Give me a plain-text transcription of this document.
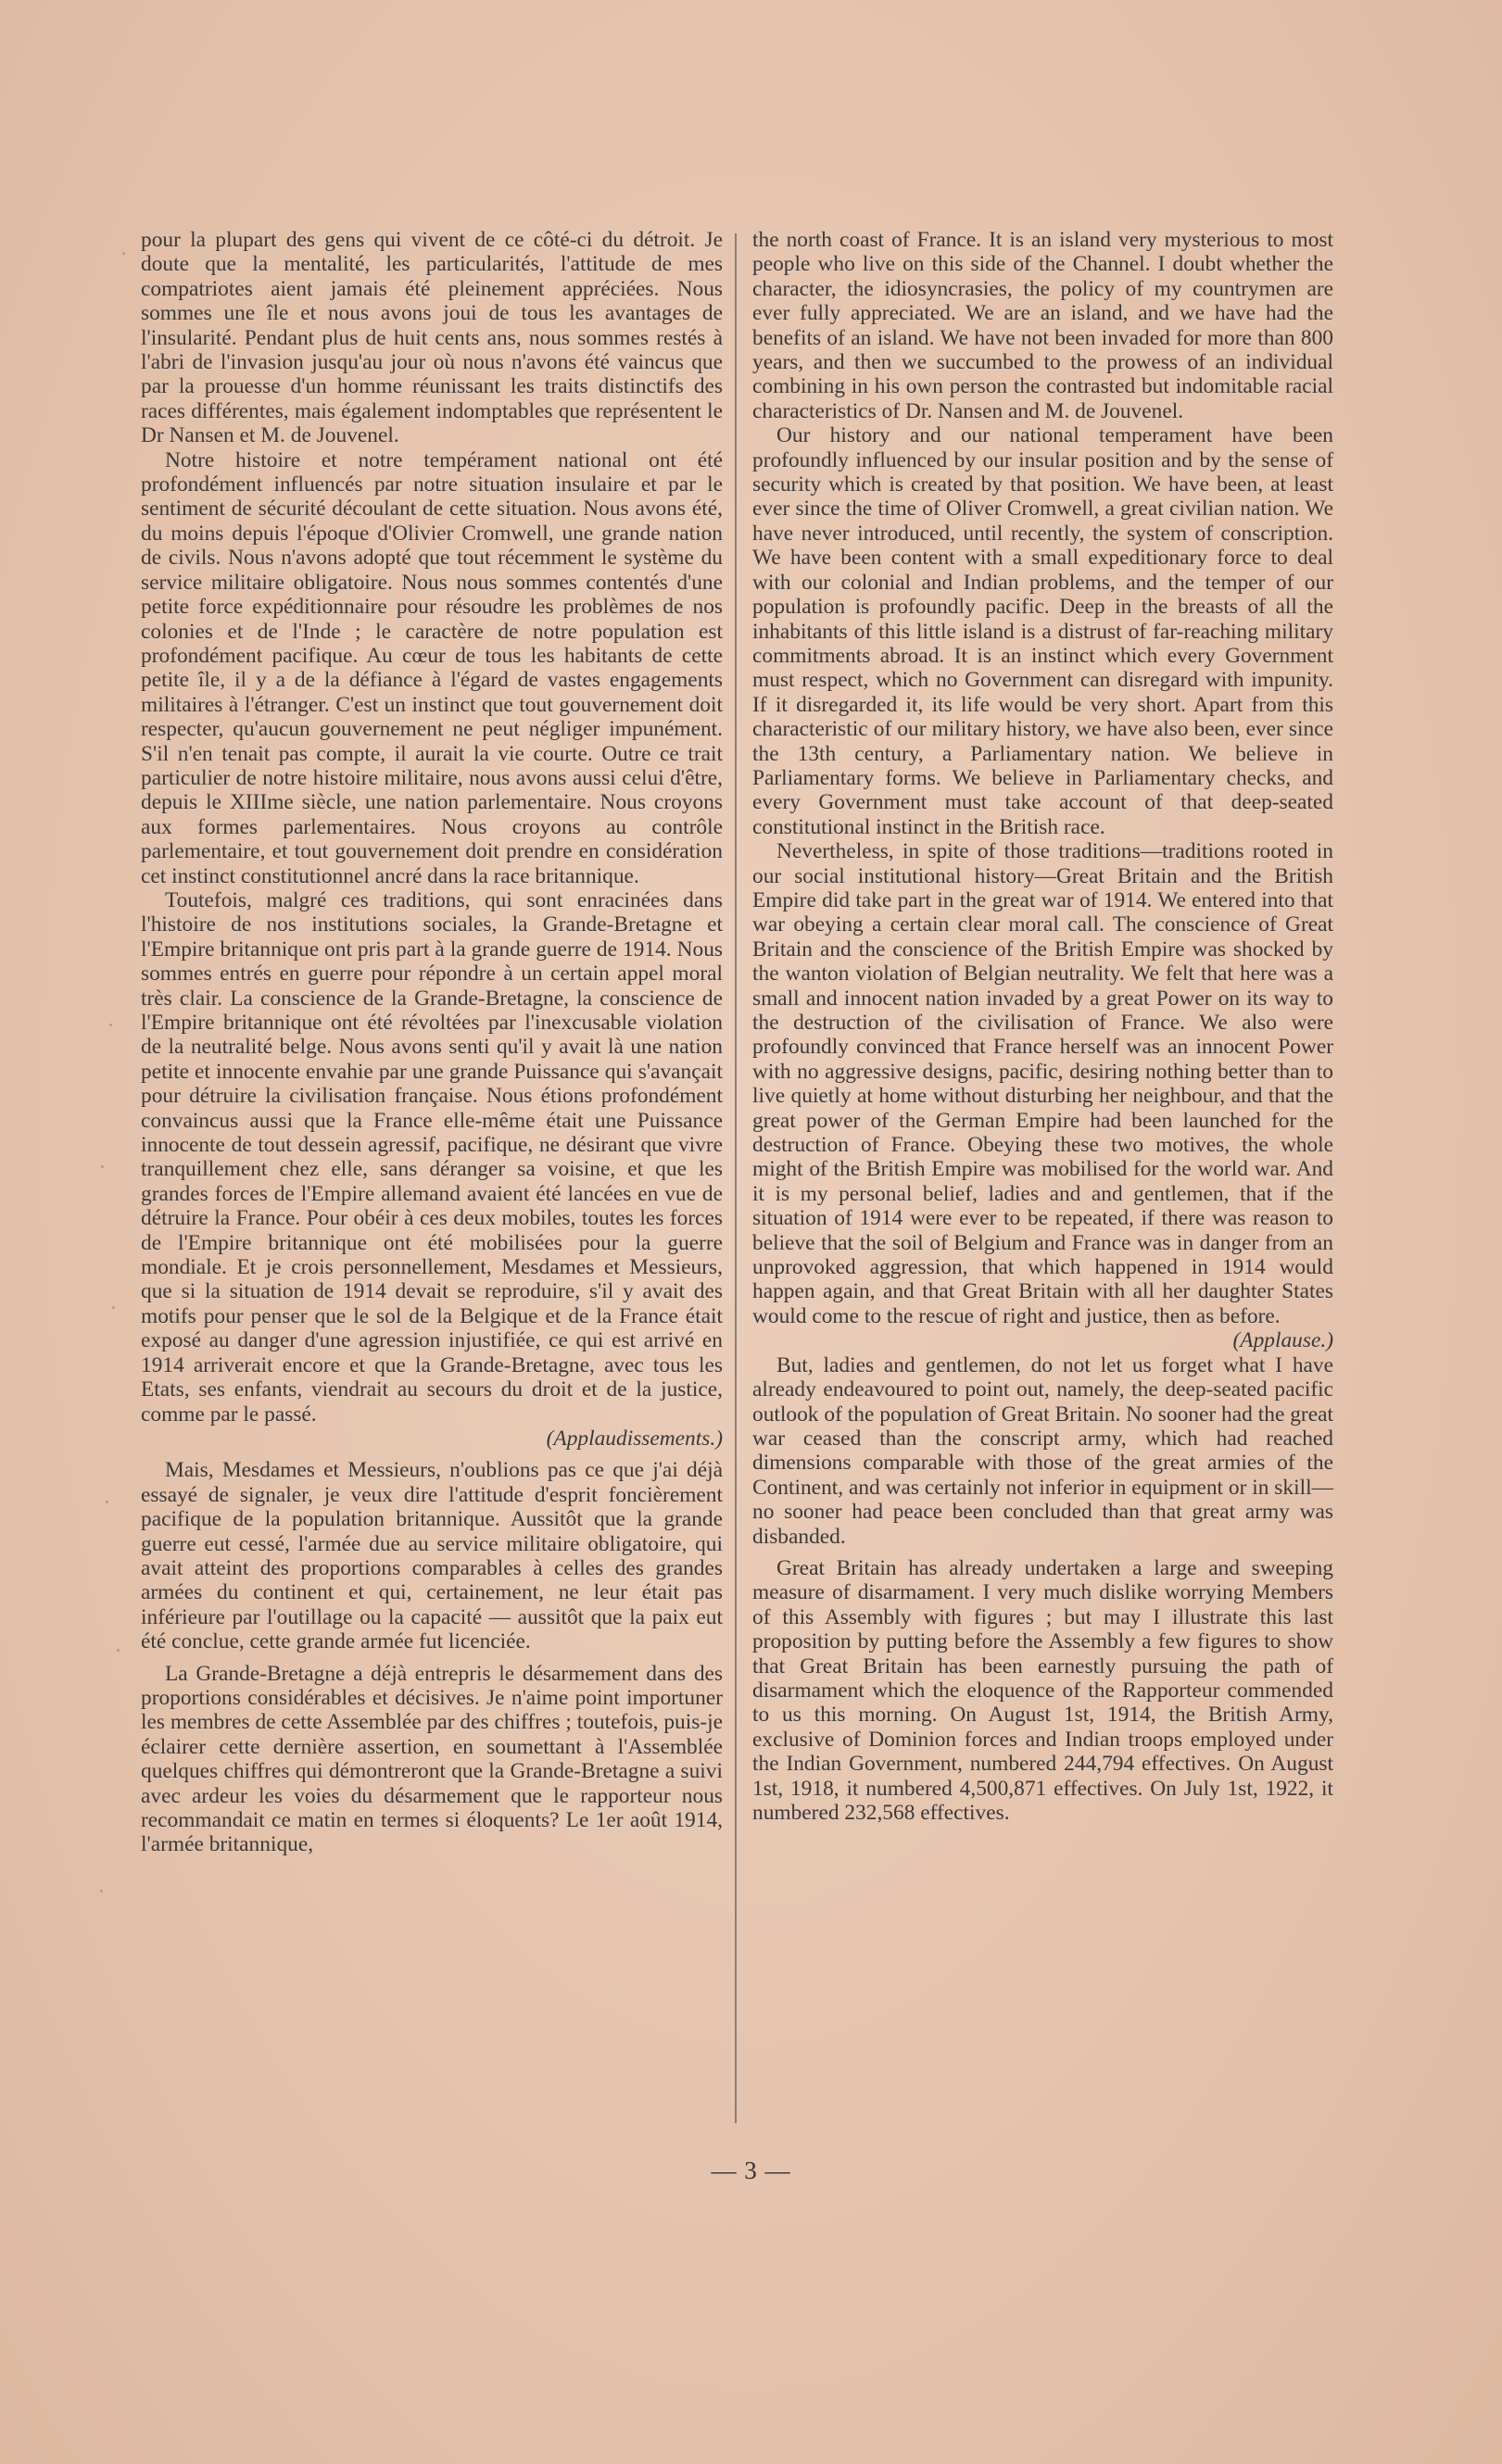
pour la plupart des gens qui vivent de ce côté-ci du détroit. Je doute que la mentalité, les particularités, l'attitude de mes compatriotes aient jamais été pleinement appréciées. Nous sommes une île et nous avons joui de tous les avantages de l'insularité. Pendant plus de huit cents ans, nous sommes restés à l'abri de l'invasion jusqu'au jour où nous n'avons été vaincus que par la prouesse d'un homme réunissant les traits distinctifs des races différentes, mais également indomptables que représentent le Dr Nansen et M. de Jouvenel.

Notre histoire et notre tempérament national ont été profondément influencés par notre situation insulaire et par le sentiment de sécurité découlant de cette situation. Nous avons été, du moins depuis l'époque d'Olivier Cromwell, une grande nation de civils. Nous n'avons adopté que tout récemment le système du service militaire obligatoire. Nous nous sommes contentés d'une petite force expéditionnaire pour résoudre les problèmes de nos colonies et de l'Inde ; le caractère de notre population est profondément pacifique. Au cœur de tous les habitants de cette petite île, il y a de la défiance à l'égard de vastes engagements militaires à l'étranger. C'est un instinct que tout gouvernement doit respecter, qu'aucun gouvernement ne peut négliger impunément. S'il n'en tenait pas compte, il aurait la vie courte. Outre ce trait particulier de notre histoire militaire, nous avons aussi celui d'être, depuis le XIIIme siècle, une nation parlementaire. Nous croyons aux formes parlementaires. Nous croyons au contrôle parlementaire, et tout gouvernement doit prendre en considération cet instinct constitutionnel ancré dans la race britannique.

Toutefois, malgré ces traditions, qui sont enracinées dans l'histoire de nos institutions sociales, la Grande-Bretagne et l'Empire britannique ont pris part à la grande guerre de 1914. Nous sommes entrés en guerre pour répondre à un certain appel moral très clair. La conscience de la Grande-Bretagne, la conscience de l'Empire britannique ont été révoltées par l'inexcusable violation de la neutralité belge. Nous avons senti qu'il y avait là une nation petite et innocente envahie par une grande Puissance qui s'avançait pour détruire la civilisation française. Nous étions profondément convaincus aussi que la France elle-même était une Puissance innocente de tout dessein agressif, pacifique, ne désirant que vivre tranquillement chez elle, sans déranger sa voisine, et que les grandes forces de l'Empire allemand avaient été lancées en vue de détruire la France. Pour obéir à ces deux mobiles, toutes les forces de l'Empire britannique ont été mobilisées pour la guerre mondiale. Et je crois personnellement, Mesdames et Messieurs, que si la situation de 1914 devait se reproduire, s'il y avait des motifs pour penser que le sol de la Belgique et de la France était exposé au danger d'une agression injustifiée, ce qui est arrivé en 1914 arriverait encore et que la Grande-Bretagne, avec tous les Etats, ses enfants, viendrait au secours du droit et de la justice, comme par le passé.

(Applaudissements.)

Mais, Mesdames et Messieurs, n'oublions pas ce que j'ai déjà essayé de signaler, je veux dire l'attitude d'esprit foncièrement pacifique de la population britannique. Aussitôt que la grande guerre eut cessé, l'armée due au service militaire obligatoire, qui avait atteint des proportions comparables à celles des grandes armées du continent et qui, certainement, ne leur était pas inférieure par l'outillage ou la capacité — aussitôt que la paix eut été conclue, cette grande armée fut licenciée.

La Grande-Bretagne a déjà entrepris le désarmement dans des proportions considérables et décisives. Je n'aime point importuner les membres de cette Assemblée par des chiffres ; toutefois, puis-je éclairer cette dernière assertion, en soumettant à l'Assemblée quelques chiffres qui démontreront que la Grande-Bretagne a suivi avec ardeur les voies du désarmement que le rapporteur nous recommandait ce matin en termes si éloquents? Le 1er août 1914, l'armée britannique,

the north coast of France. It is an island very mysterious to most people who live on this side of the Channel. I doubt whether the character, the idiosyncrasies, the policy of my countrymen are ever fully appreciated. We are an island, and we have had the benefits of an island. We have not been invaded for more than 800 years, and then we succumbed to the prowess of an individual combining in his own person the contrasted but indomitable racial characteristics of Dr. Nansen and M. de Jouvenel.

Our history and our national temperament have been profoundly influenced by our insular position and by the sense of security which is created by that position. We have been, at least ever since the time of Oliver Cromwell, a great civilian nation. We have never introduced, until recently, the system of conscription. We have been content with a small expeditionary force to deal with our colonial and Indian problems, and the temper of our population is profoundly pacific. Deep in the breasts of all the inhabitants of this little island is a distrust of far-reaching military commitments abroad. It is an instinct which every Government must respect, which no Government can disregard with impunity. If it disregarded it, its life would be very short. Apart from this characteristic of our military history, we have also been, ever since the 13th century, a Parliamentary nation. We believe in Parliamentary forms. We believe in Parliamentary checks, and every Government must take account of that deep-seated constitutional instinct in the British race.

Nevertheless, in spite of those traditions—traditions rooted in our social institutional history—Great Britain and the British Empire did take part in the great war of 1914. We entered into that war obeying a certain clear moral call. The conscience of Great Britain and the conscience of the British Empire was shocked by the wanton violation of Belgian neutrality. We felt that here was a small and innocent nation invaded by a great Power on its way to the destruction of the civilisation of France. We also were profoundly convinced that France herself was an innocent Power with no aggressive designs, pacific, desiring nothing better than to live quietly at home without disturbing her neighbour, and that the great power of the German Empire had been launched for the destruction of France. Obeying these two motives, the whole might of the British Empire was mobilised for the world war. And it is my personal belief, ladies and and gentlemen, that if the situation of 1914 were ever to be repeated, if there was reason to believe that the soil of Belgium and France was in danger from an unprovoked aggression, that which happened in 1914 would happen again, and that Great Britain with all her daughter States would come to the rescue of right and justice, then as before.

(Applause.)

But, ladies and gentlemen, do not let us forget what I have already endeavoured to point out, namely, the deep-seated pacific outlook of the population of Great Britain. No sooner had the great war ceased than the conscript army, which had reached dimensions comparable with those of the great armies of the Continent, and was certainly not inferior in equipment or in skill—no sooner had peace been concluded than that great army was disbanded.

Great Britain has already undertaken a large and sweeping measure of disarmament. I very much dislike worrying Members of this Assembly with figures ; but may I illustrate this last proposition by putting before the Assembly a few figures to show that Great Britain has been earnestly pursuing the path of disarmament which the eloquence of the Rapporteur commended to us this morning. On August 1st, 1914, the British Army, exclusive of Dominion forces and Indian troops employed under the Indian Government, numbered 244,794 effectives. On August 1st, 1918, it numbered 4,500,871 effectives. On July 1st, 1922, it numbered 232,568 effectives.

— 3 —
